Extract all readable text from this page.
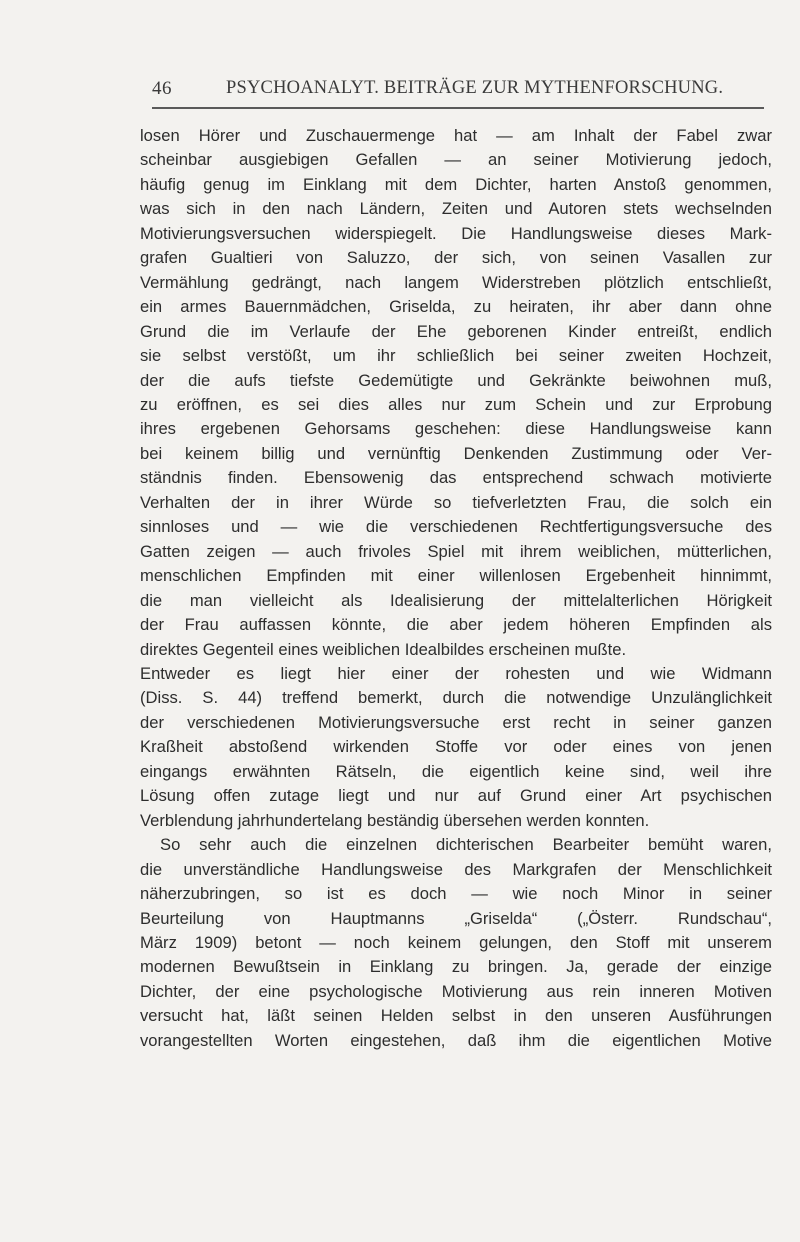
46	PSYCHOANALYT. BEITRÄGE ZUR MYTHENFORSCHUNG.
losen Hörer und Zuschauermenge hat — am Inhalt der Fabel zwar
scheinbar ausgiebigen Gefallen — an seiner Motivierung jedoch,
häufig genug im Einklang mit dem Dichter, harten Anstoß genommen,
was sich in den nach Ländern, Zeiten und Autoren stets wechselnden
Motivierungsversuchen widerspiegelt. Die Handlungsweise dieses Mark-
grafen Gualtieri von Saluzzo, der sich, von seinen Vasallen zur
Vermählung gedrängt, nach langem Widerstreben plötzlich entschließt,
ein armes Bauernmädchen, Griselda, zu heiraten, ihr aber dann ohne
Grund die im Verlaufe der Ehe geborenen Kinder entreißt, endlich
sie selbst verstößt, um ihr schließlich bei seiner zweiten Hochzeit,
der die aufs tiefste Gedemütigte und Gekränkte beiwohnen muß,
zu eröffnen, es sei dies alles nur zum Schein und zur Erprobung
ihres ergebenen Gehorsams geschehen: diese Handlungsweise kann
bei keinem billig und vernünftig Denkenden Zustimmung oder Ver-
ständnis finden. Ebensowenig das entsprechend schwach motivierte
Verhalten der in ihrer Würde so tiefverletzten Frau, die solch ein
sinnloses und — wie die verschiedenen Rechtfertigungsversuche des
Gatten zeigen — auch frivoles Spiel mit ihrem weiblichen, mütterlichen,
menschlichen Empfinden mit einer willenlosen Ergebenheit hinnimmt,
die man vielleicht als Idealisierung der mittelalterlichen Hörigkeit
der Frau auffassen könnte, die aber jedem höheren Empfinden als
direktes Gegenteil eines weiblichen Idealbildes erscheinen mußte.
Entweder es liegt hier einer der rohesten und wie Widmann
(Diss. S. 44) treffend bemerkt, durch die notwendige Unzulänglichkeit
der verschiedenen Motivierungsversuche erst recht in seiner ganzen
Kraßheit abstoßend wirkenden Stoffe vor oder eines von jenen
eingangs erwähnten Rätseln, die eigentlich keine sind, weil ihre
Lösung offen zutage liegt und nur auf Grund einer Art psychischen
Verblendung jahrhundertelang beständig übersehen werden konnten.
So sehr auch die einzelnen dichterischen Bearbeiter bemüht waren,
die unverständliche Handlungsweise des Markgrafen der Menschlichkeit
näherzubringen, so ist es doch — wie noch Minor in seiner
Beurteilung von Hauptmanns „Griselda“ („Österr. Rundschau“,
März 1909) betont — noch keinem gelungen, den Stoff mit unserem
modernen Bewußtsein in Einklang zu bringen. Ja, gerade der einzige
Dichter, der eine psychologische Motivierung aus rein inneren Motiven
versucht hat, läßt seinen Helden selbst in den unseren Ausführungen
vorangestellten Worten eingestehen, daß ihm die eigentlichen Motive
